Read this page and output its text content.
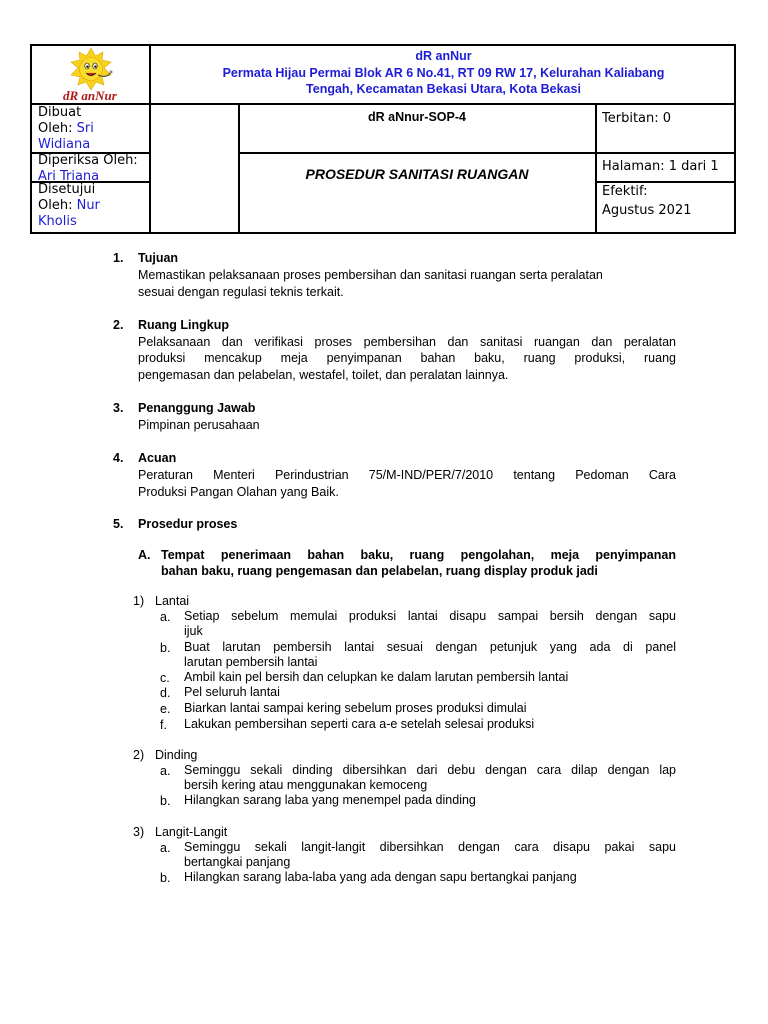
dR anNur
dR anNur
Permata Hijau Permai Blok AR 6 No.41, RT 09 RW 17, Kelurahan Kaliabang
Tengah, Kecamatan Bekasi Utara, Kota Bekasi
Dibuat
Oleh: Sri
Widiana
Diperiksa Oleh:
Ari Triana
Disetujui
Oleh: Nur
Kholis
dR aNnur-SOP-4
PROSEDUR SANITASI RUANGAN
Terbitan: 0
Halaman: 1 dari 1
Efektif:
Agustus 2021
1. Tujuan
Memastikan pelaksanaan proses pembersihan dan sanitasi ruangan serta peralatan
sesuai dengan regulasi teknis terkait.
2. Ruang Lingkup
Pelaksanaan dan verifikasi proses pembersihan dan sanitasi ruangan dan peralatan
produksi mencakup meja penyimpanan bahan baku, ruang produksi, ruang
pengemasan dan pelabelan, westafel, toilet, dan peralatan lainnya.
3. Penanggung Jawab
Pimpinan perusahaan
4. Acuan
Peraturan Menteri Perindustrian 75/M-IND/PER/7/2010 tentang Pedoman Cara
Produksi Pangan Olahan yang Baik.
5. Prosedur proses
A. Tempat penerimaan bahan baku, ruang pengolahan, meja penyimpanan
bahan baku, ruang pengemasan dan pelabelan, ruang display produk jadi
1) Lantai
a. Setiap sebelum memulai produksi lantai disapu sampai bersih dengan sapu
ijuk
b. Buat larutan pembersih lantai sesuai dengan petunjuk yang ada di panel
larutan pembersih lantai
c. Ambil kain pel bersih dan celupkan ke dalam larutan pembersih lantai
d. Pel seluruh lantai
e. Biarkan lantai sampai kering sebelum proses produksi dimulai
f. Lakukan pembersihan seperti cara a-e setelah selesai produksi
2) Dinding
a. Seminggu sekali dinding dibersihkan dari debu dengan cara dilap dengan lap
bersih kering atau menggunakan kemoceng
b. Hilangkan sarang laba yang menempel pada dinding
3) Langit-Langit
a. Seminggu sekali langit-langit dibersihkan dengan cara disapu pakai sapu
bertangkai panjang
b. Hilangkan sarang laba-laba yang ada dengan sapu bertangkai panjang
